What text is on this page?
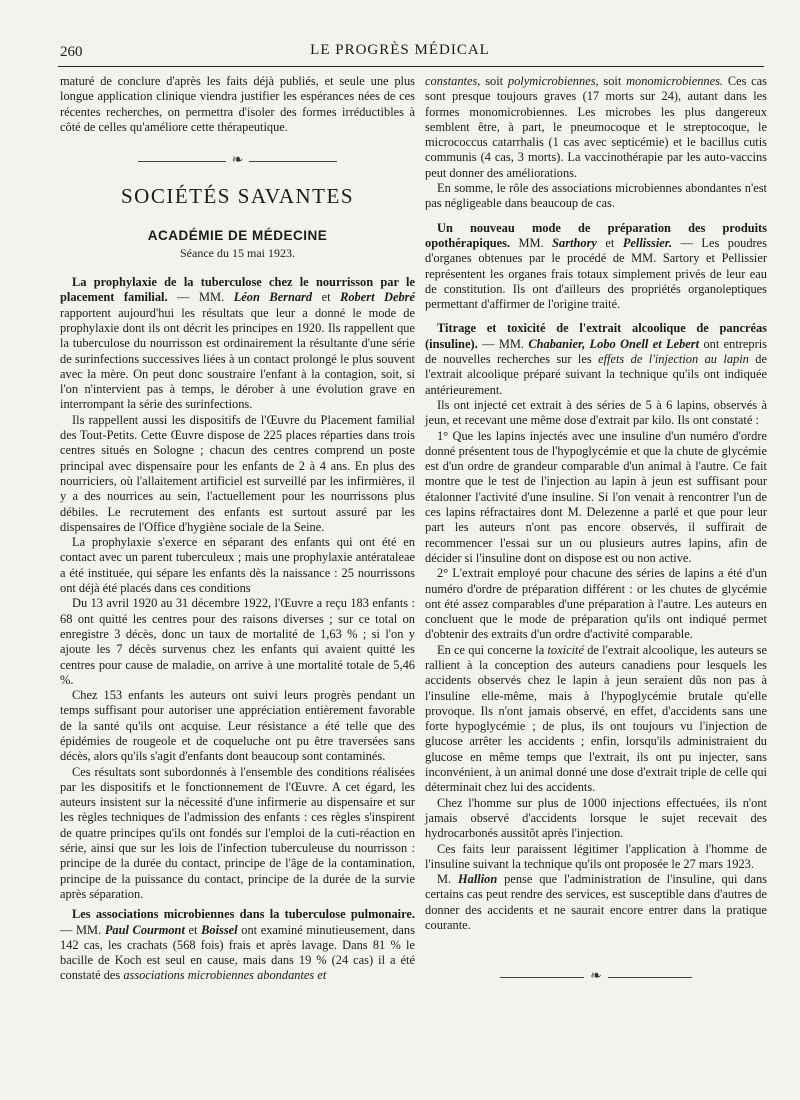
260	LE PROGRÈS MÉDICAL

maturé de conclure d'après les faits déjà publiés, et seule une plus longue application clinique viendra justifier les espérances nées de ces récentes recherches, on permettra d'isoler des formes irréductibles à côté de celles qu'améliore cette thérapeutique.

❧
SOCIÉTÉS SAVANTES
ACADÉMIE DE MÉDECINE
Séance du 15 mai 1923.

La prophylaxie de la tuberculose chez le nourrisson par le placement familial. — MM. Léon Bernard et Robert Debré rapportent aujourd'hui les résultats que leur a donné le mode de prophylaxie dont ils ont décrit les principes en 1920. Ils rappellent que la tuberculose du nourrisson est ordinairement la résultante d'une série de surinfections successives liées à un contact prolongé le plus souvent avec la mère. On peut donc soustraire l'enfant à la contagion, soit, si l'on n'intervient pas à temps, le dérober à une évolution grave en interrompant la série des surinfections.

Ils rappellent aussi les dispositifs de l'Œuvre du Placement familial des Tout-Petits. Cette Œuvre dispose de 225 places réparties dans trois centres situés en Sologne ; chacun des centres comprend un poste principal avec dispensaire pour les enfants de 2 à 4 ans. En plus des nourriciers, où l'allaitement artificiel est surveillé par les infirmières, il y a des nourrices au sein, l'actuellement pour les nourrissons plus débiles. Le recrutement des enfants est surtout assuré par les dispensaires de l'Office d'hygiène sociale de la Seine.

La prophylaxie s'exerce en séparant des enfants qui ont été en contact avec un parent tuberculeux ; mais une prophylaxie antérataleae a été instituée, qui sépare les enfants dès la naissance : 25 nourrissons ont déjà été placés dans ces conditions

Du 13 avril 1920 au 31 décembre 1922, l'Œuvre a reçu 183 enfants : 68 ont quitté les centres pour des raisons diverses ; sur ce total on enregistre 3 décès, donc un taux de mortalité de 1,63 % ; si l'on y ajoute les 7 décès survenus chez les enfants qui avaient quitté les centres pour cause de maladie, on arrive à une mortalité totale de 5,46 %.

Chez 153 enfants les auteurs ont suivi leurs progrès pendant un temps suffisant pour autoriser une appréciation entièrement favorable de la santé qu'ils ont acquise. Leur résistance a été telle que des épidémies de rougeole et de coqueluche ont pu être traversées sans décès, alors qu'ils s'agit d'enfants dont beaucoup sont contaminés.

Ces résultats sont subordonnés à l'ensemble des conditions réalisées par les dispositifs et le fonctionnement de l'Œuvre. A cet égard, les auteurs insistent sur la nécessité d'une infirmerie au dispensaire et sur les règles techniques de l'admission des enfants : ces règles s'inspirent de quatre principes qu'ils ont fondés sur l'emploi de la cuti-réaction en série, ainsi que sur les lois de l'infection tuberculeuse du nourrisson : principe de la durée du contact, principe de l'âge de la contamination, principe de la puissance du contact, principe de la durée de la survie après séparation.

Les associations microbiennes dans la tuberculose pulmonaire. — MM. Paul Courmont et Boissel ont examiné minutieusement, dans 142 cas, les crachats (568 fois) frais et après lavage. Dans 81 % le bacille de Koch est seul en cause, mais dans 19 % (24 cas) il a été constaté des associations microbiennes abondantes et

constantes, soit polymicrobiennes, soit monomicrobiennes. Ces cas sont presque toujours graves (17 morts sur 24), autant dans les formes monomicrobiennes. Les microbes les plus dangereux semblent être, à part, le pneumocoque et le streptocoque, le micrococcus catarrhalis (1 cas avec septicémie) et le bacillus cutis communis (4 cas, 3 morts). La vaccinothérapie par les auto-vaccins peut donner des améliorations.

En somme, le rôle des associations microbiennes abondantes n'est pas négligeable dans beaucoup de cas.

Un nouveau mode de préparation des produits opothérapiques. MM. Sarthory et Pellissier. — Les poudres d'organes obtenues par le procédé de MM. Sartory et Pellissier représentent les organes frais totaux simplement privés de leur eau de constitution. Ils ont d'ailleurs des propriétés organoleptiques permettant d'affirmer de l'origine traité.

Titrage et toxicité de l'extrait alcoolique de pancréas (insuline). — MM. Chabanier, Lobo Onell et Lebert ont entrepris de nouvelles recherches sur les effets de l'injection au lapin de l'extrait alcoolique préparé suivant la technique qu'ils ont indiquée antérieurement.

Ils ont injecté cet extrait à des séries de 5 à 6 lapins, observés à jeun, et recevant une même dose d'extrait par kilo. Ils ont constaté :

1° Que les lapins injectés avec une insuline d'un numéro d'ordre donné présentent tous de l'hypoglycémie et que la chute de glycémie est d'un ordre de grandeur comparable d'un animal à l'autre. Ce fait montre que le test de l'injection au lapin à jeun est suffisant pour étalonner l'activité d'une insuline. Si l'on venait à rencontrer l'un de ces lapins réfractaires dont M. Delezenne a parlé et que pour leur part les auteurs n'ont pas encore observés, il suffirait de recommencer l'essai sur un ou plusieurs autres lapins, afin de décider si l'insuline dont on dispose est ou non active.

2° L'extrait employé pour chacune des séries de lapins a été d'un numéro d'ordre de préparation différent : or les chutes de glycémie ont été assez comparables d'une préparation à l'autre. Les auteurs en concluent que le mode de préparation qu'ils ont indiqué permet d'obtenir des extraits d'un ordre d'activité comparable.

En ce qui concerne la toxicité de l'extrait alcoolique, les auteurs se rallient à la conception des auteurs canadiens pour lesquels les accidents observés chez le lapin à jeun seraient dûs non pas à l'insuline elle-même, mais à l'hypoglycémie brutale qu'elle provoque. Ils n'ont jamais observé, en effet, d'accidents sans une forte hypoglycémie ; de plus, ils ont toujours vu l'injection de glucose arrêter les accidents ; enfin, lorsqu'ils administraient du glucose en même temps que l'extrait, ils ont pu injecter, sans inconvénient, à un animal donné une dose d'extrait triple de celle qui déterminait chez lui des accidents.

Chez l'homme sur plus de 1000 injections effectuées, ils n'ont jamais observé d'accidents lorsque le sujet recevait des hydrocarbonés aussitôt après l'injection.

Ces faits leur paraissent légitimer l'application à l'homme de l'insuline suivant la technique qu'ils ont proposée le 27 mars 1923.

M. Hallion pense que l'administration de l'insuline, qui dans certains cas peut rendre des services, est susceptible dans d'autres de donner des accidents et ne saurait encore entrer dans la pratique courante.

❧
